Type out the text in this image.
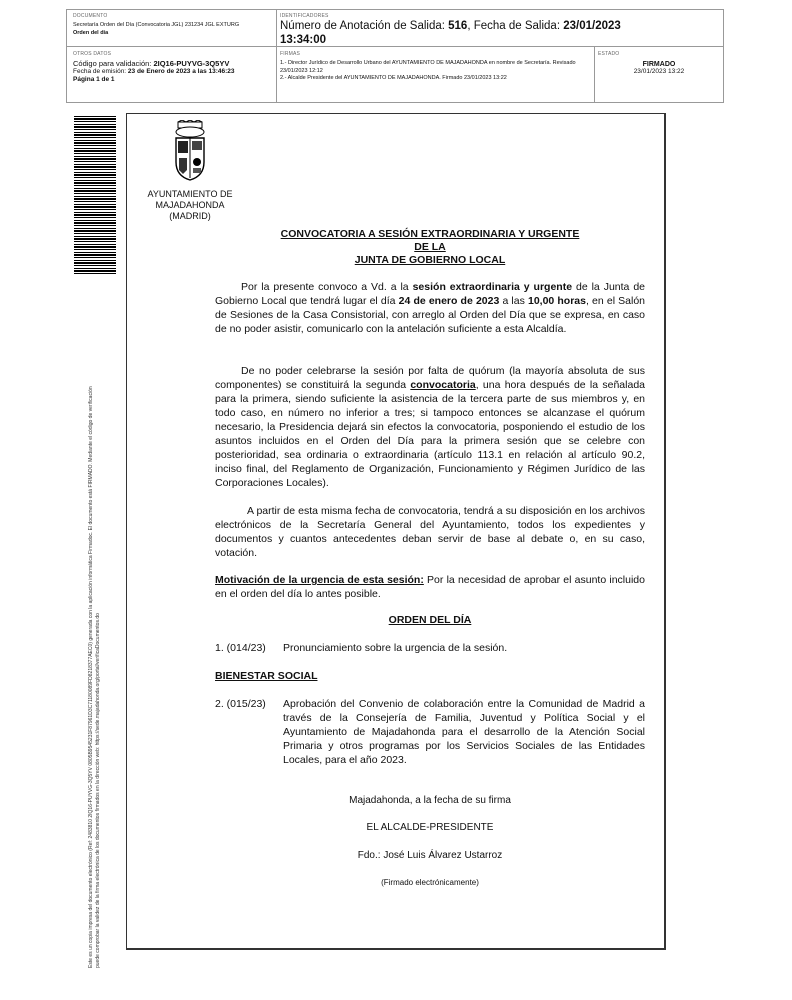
DOCUMENTO
Secretaría Orden del Día (Convocatoria JGL) 231234 JGL EXTURG
Orden del día
IDENTIFICADORES
Número de Anotación de Salida: 516, Fecha de Salida: 23/01/2023 13:34:00
OTROS DATOS
Código para validación: 2IQ16-PUYVG-3Q5YV
Fecha de emisión: 23 de Enero de 2023 a las 13:46:23
Página 1 de 1
FIRMAS
1.- Director Jurídico de Desarrollo Urbano del AYUNTAMIENTO DE MAJADAHONDA en nombre de Secretaría. Revisado 23/01/2023 12:12
2.- Alcalde Presidente del AYUNTAMIENTO DE MAJADAHONDA. Firmado 23/01/2023 13:22
ESTADO
FIRMADO
23/01/2023 13:22
Este es un copia impresa del documento electrónico (Ref: 2483810 2IQ16-PUYVG-3Q5YV 0805B9545231F87961D3C71180089FD8218377AEC0) generada con la aplicación informática Firmadoc. El documento está FIRMADO. Mediante el código de verificación puede comprobar la validez de la firma electrónica de los documentos firmados en la dirección web: https://sede.majadahonda.org/portal/verificaDocumentos.do
AYUNTAMIENTO DE
MAJADAHONDA
(MADRID)
CONVOCATORIA A SESIÓN EXTRAORDINARIA Y URGENTE
DE LA
JUNTA DE GOBIERNO LOCAL
Por la presente convoco a Vd. a la sesión extraordinaria y urgente de la Junta de Gobierno Local que tendrá lugar el día 24 de enero de 2023 a las 10,00 horas, en el Salón de Sesiones de la Casa Consistorial, con arreglo al Orden del Día que se expresa, en caso de no poder asistir, comunicarlo con la antelación suficiente a esta Alcaldía.
De no poder celebrarse la sesión por falta de quórum (la mayoría absoluta de sus componentes) se constituirá la segunda convocatoria, una hora después de la señalada para la primera, siendo suficiente la asistencia de la tercera parte de sus miembros y, en todo caso, en número no inferior a tres; si tampoco entonces se alcanzase el quórum necesario, la Presidencia dejará sin efectos la convocatoria, posponiendo el estudio de los asuntos incluidos en el Orden del Día para la primera sesión que se celebre con posterioridad, sea ordinaria o extraordinaria (artículo 113.1 en relación al artículo 90.2, inciso final, del Reglamento de Organización, Funcionamiento y Régimen Jurídico de las Corporaciones Locales).
A partir de esta misma fecha de convocatoria, tendrá a su disposición en los archivos electrónicos de la Secretaría General del Ayuntamiento, todos los expedientes y documentos y cuantos antecedentes deban servir de base al debate o, en su caso, votación.
Motivación de la urgencia de esta sesión: Por la necesidad de aprobar el asunto incluido en el orden del día lo antes posible.
ORDEN DEL DÍA
1. (014/23) Pronunciamiento sobre la urgencia de la sesión.
BIENESTAR SOCIAL
2. (015/23) Aprobación del Convenio de colaboración entre la Comunidad de Madrid a través de la Consejería de Familia, Juventud y Política Social y el Ayuntamiento de Majadahonda para el desarrollo de la Atención Social Primaria y otros programas por los Servicios Sociales de las Entidades Locales, para el año 2023.
Majadahonda, a la fecha de su firma
EL ALCALDE-PRESIDENTE
Fdo.: José Luis Álvarez Ustarroz
(Firmado electrónicamente)
